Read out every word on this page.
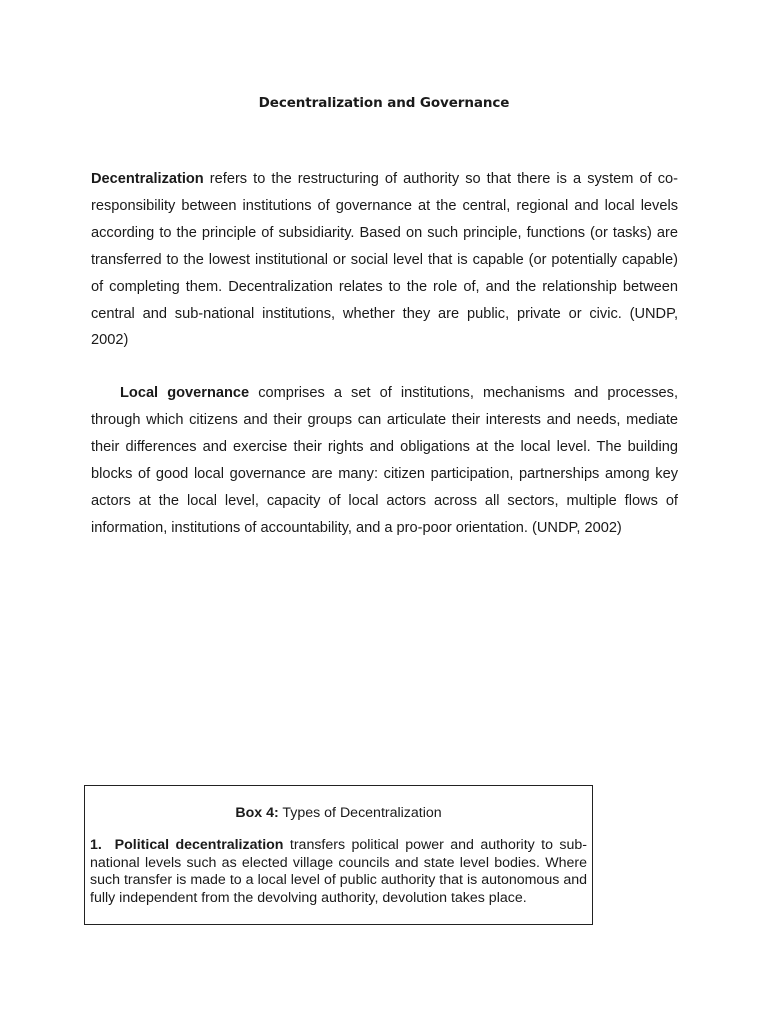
Decentralization and Governance

Decentralization refers to the restructuring of authority so that there is a system of co-responsibility between institutions of governance at the central, regional and local levels according to the principle of subsidiarity. Based on such principle, functions (or tasks) are transferred to the lowest institutional or social level that is capable (or potentially capable) of completing them. Decentralization relates to the role of, and the relationship between central and sub-national institutions, whether they are public, private or civic. (UNDP, 2002)

Local governance comprises a set of institutions, mechanisms and processes, through which citizens and their groups can articulate their interests and needs, mediate their differences and exercise their rights and obligations at the local level. The building blocks of good local governance are many: citizen participation, partnerships among key actors at the local level, capacity of local actors across all sectors, multiple flows of information, institutions of accountability, and a pro-poor orientation. (UNDP, 2002)

Box 4: Types of Decentralization

1. Political decentralization transfers political power and authority to sub-national levels such as elected village councils and state level bodies. Where such transfer is made to a local level of public authority that is autonomous and fully independent from the devolving authority, devolution takes place.
